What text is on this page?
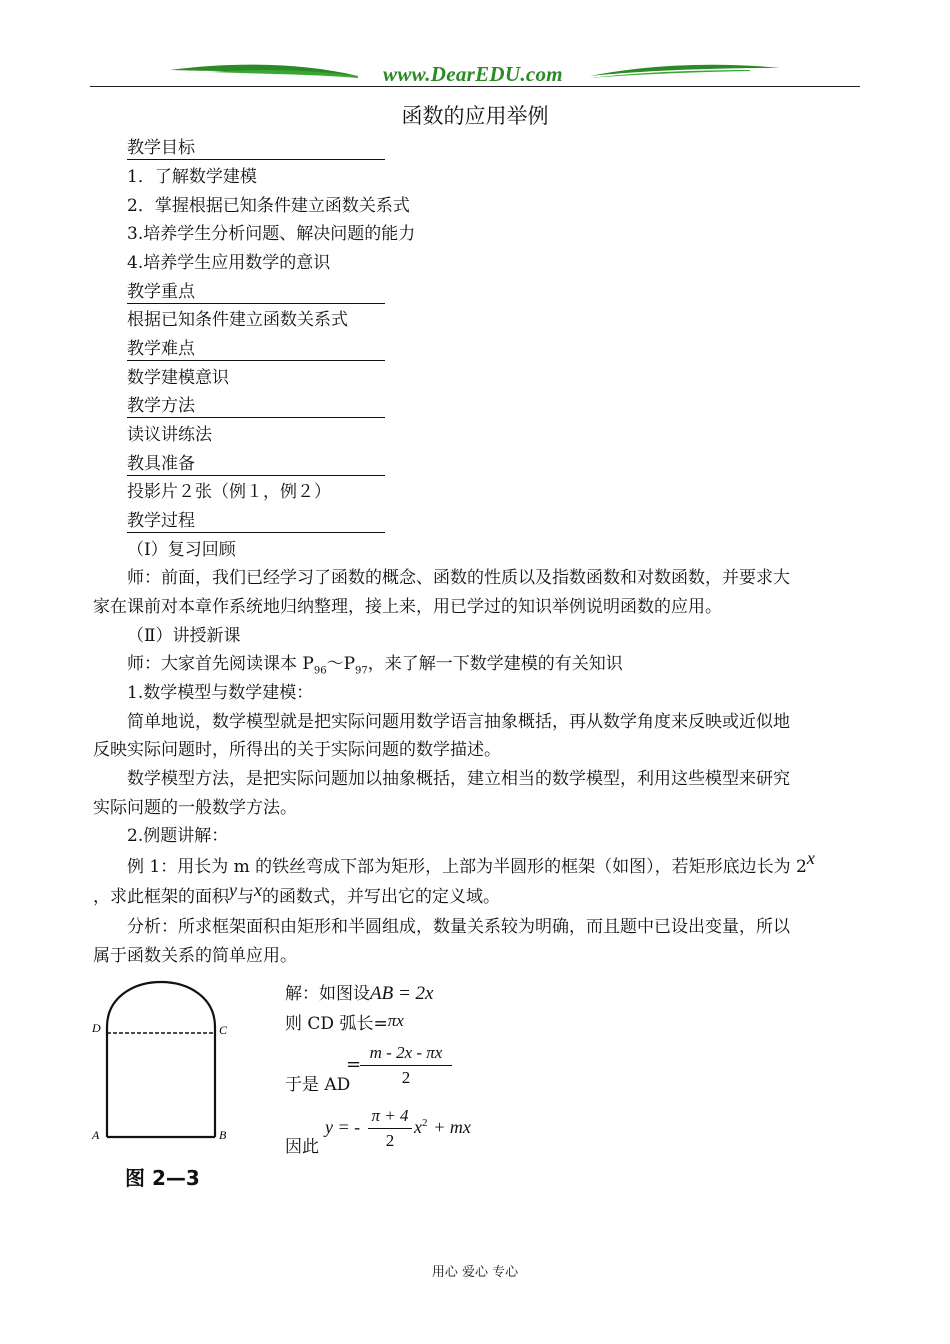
www.DearEDU.com
函数的应用举例
教学目标
1．了解数学建模
2．掌握根据已知条件建立函数关系式
3.培养学生分析问题、解决问题的能力
4.培养学生应用数学的意识
教学重点
根据已知条件建立函数关系式
教学难点
数学建模意识
教学方法
读议讲练法
教具准备
投影片２张（例１，例２）
教学过程
（I）复习回顾
师：前面，我们已经学习了函数的概念、函数的性质以及指数函数和对数函数，并要求大
家在课前对本章作系统地归纳整理，接上来，用已学过的知识举例说明函数的应用。
（Ⅱ）讲授新课
师：大家首先阅读课本 $P_{96}\sim P_{97}$，来了解一下数学建模的有关知识
1.数学模型与数学建模：
简单地说，数学模型就是把实际问题用数学语言抽象概括，再从数学角度来反映或近似地
反映实际问题时，所得出的关于实际问题的数学描述。
数学模型方法，是把实际问题加以抽象概括，建立相当的数学模型，利用这些模型来研究
实际问题的一般数学方法。
2.例题讲解：
例 1：用长为 m 的铁丝弯成下部为矩形，上部为半圆形的框架（如图），若矩形底边长为 2x
，求此框架的面积y与x的函数式，并写出它的定义域。
分析：所求框架面积由矩形和半圆组成，数量关系较为明确，而且题中已设出变量，所以
属于函数关系的简单应用。
D	C
A	B
图 2—3
解：如图设AB = 2x
则 CD 弧长=πx
于是 AD
=
$\frac{m - 2x - \pi x}{2}$
因此
y = - $\frac{\pi + 4}{2} x^2$ + mx
用心 爱心 专心
